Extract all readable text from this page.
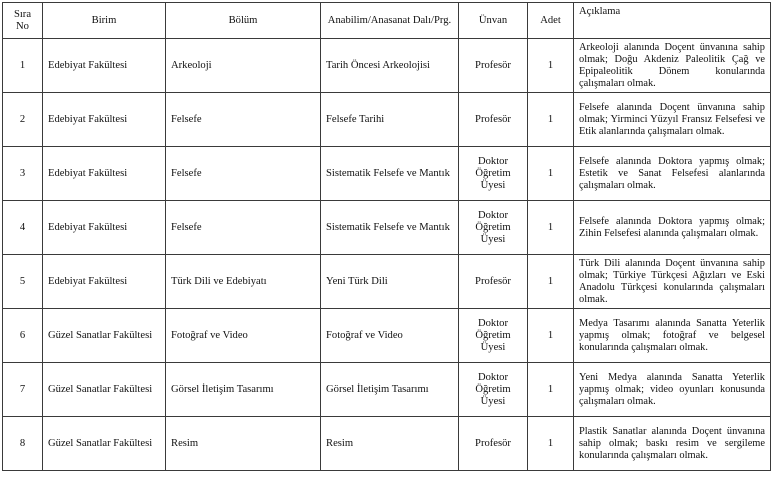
Sıra No	Birim	Bölüm	Anabilim/Anasanat Dalı/Prg.	Ünvan	Adet	Açıklama
1	Edebiyat Fakültesi	Arkeoloji	Tarih Öncesi Arkeolojisi	Profesör	1	Arkeoloji alanında Doçent ünvanına sahip olmak; Doğu Akdeniz Paleolitik Çağ ve Epipaleolitik Dönem konularında çalışmaları olmak.
2	Edebiyat Fakültesi	Felsefe	Felsefe Tarihi	Profesör	1	Felsefe alanında Doçent ünvanına sahip olmak; Yirminci Yüzyıl Fransız Felsefesi ve Etik alanlarında çalışmaları olmak.
3	Edebiyat Fakültesi	Felsefe	Sistematik Felsefe ve Mantık	Doktor Öğretim Üyesi	1	Felsefe alanında Doktora yapmış olmak; Estetik ve Sanat Felsefesi alanlarında çalışmaları olmak.
4	Edebiyat Fakültesi	Felsefe	Sistematik Felsefe ve Mantık	Doktor Öğretim Üyesi	1	Felsefe alanında Doktora yapmış olmak; Zihin Felsefesi alanında çalışmaları olmak.
5	Edebiyat Fakültesi	Türk Dili ve Edebiyatı	Yeni Türk Dili	Profesör	1	Türk Dili alanında Doçent ünvanına sahip olmak; Türkiye Türkçesi Ağızları ve Eski Anadolu Türkçesi konularında çalışmaları olmak.
6	Güzel Sanatlar Fakültesi	Fotoğraf ve Video	Fotoğraf ve Video	Doktor Öğretim Üyesi	1	Medya Tasarımı alanında Sanatta Yeterlik yapmış olmak; fotoğraf ve belgesel konularında çalışmaları olmak.
7	Güzel Sanatlar Fakültesi	Görsel İletişim Tasarımı	Görsel İletişim Tasarımı	Doktor Öğretim Üyesi	1	Yeni Medya alanında Sanatta Yeterlik yapmış olmak; video oyunları konusunda çalışmaları olmak.
8	Güzel Sanatlar Fakültesi	Resim	Resim	Profesör	1	Plastik Sanatlar alanında Doçent ünvanına sahip olmak; baskı resim ve sergileme konularında çalışmaları olmak.
